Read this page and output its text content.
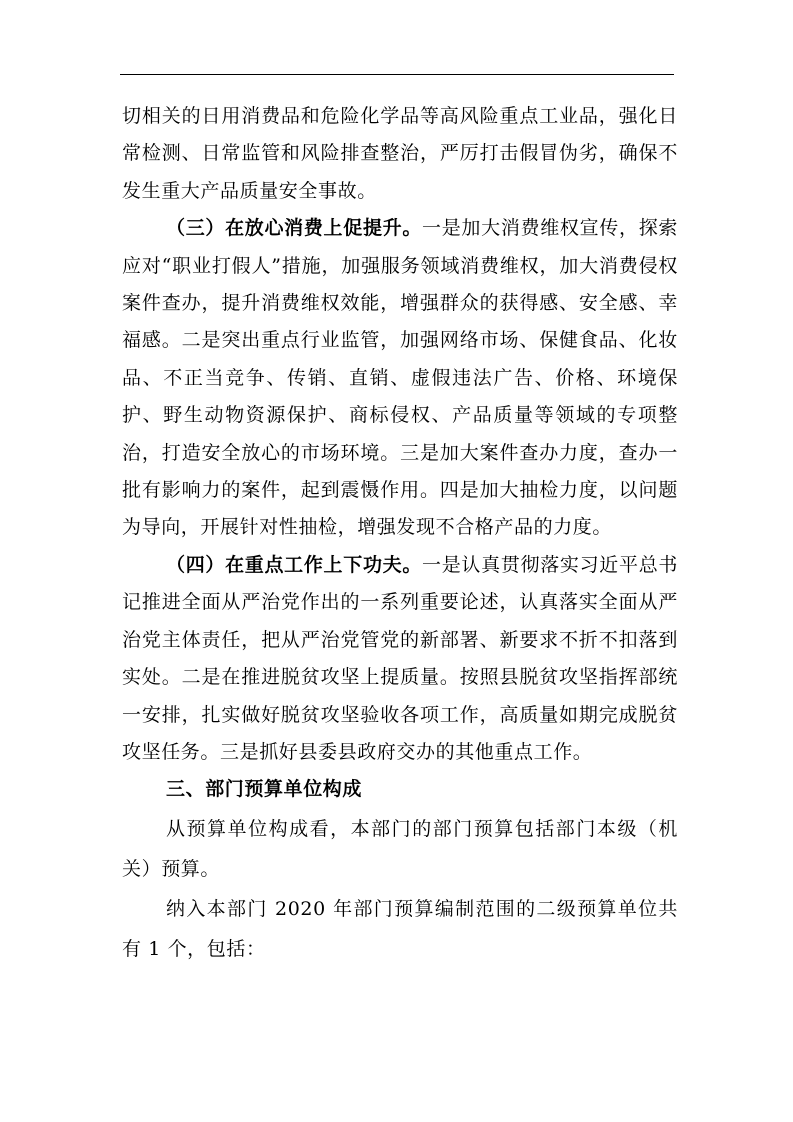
切相关的日用消费品和危险化学品等高风险重点工业品，强化日常检测、日常监管和风险排查整治，严厉打击假冒伪劣，确保不发生重大产品质量安全事故。

（三）在放心消费上促提升。一是加大消费维权宣传，探索应对“职业打假人”措施，加强服务领域消费维权，加大消费侵权案件查办，提升消费维权效能，增强群众的获得感、安全感、幸福感。二是突出重点行业监管，加强网络市场、保健食品、化妆品、不正当竞争、传销、直销、虚假违法广告、价格、环境保护、野生动物资源保护、商标侵权、产品质量等领域的专项整治，打造安全放心的市场环境。三是加大案件查办力度，查办一批有影响力的案件，起到震慑作用。四是加大抽检力度，以问题为导向，开展针对性抽检，增强发现不合格产品的力度。

（四）在重点工作上下功夫。一是认真贯彻落实习近平总书记推进全面从严治党作出的一系列重要论述，认真落实全面从严治党主体责任，把从严治党管党的新部署、新要求不折不扣落到实处。二是在推进脱贫攻坚上提质量。按照县脱贫攻坚指挥部统一安排，扎实做好脱贫攻坚验收各项工作，高质量如期完成脱贫攻坚任务。三是抓好县委县政府交办的其他重点工作。

三、部门预算单位构成

从预算单位构成看，本部门的部门预算包括部门本级（机关）预算。

纳入本部门 2020 年部门预算编制范围的二级预算单位共有 1 个，包括：
